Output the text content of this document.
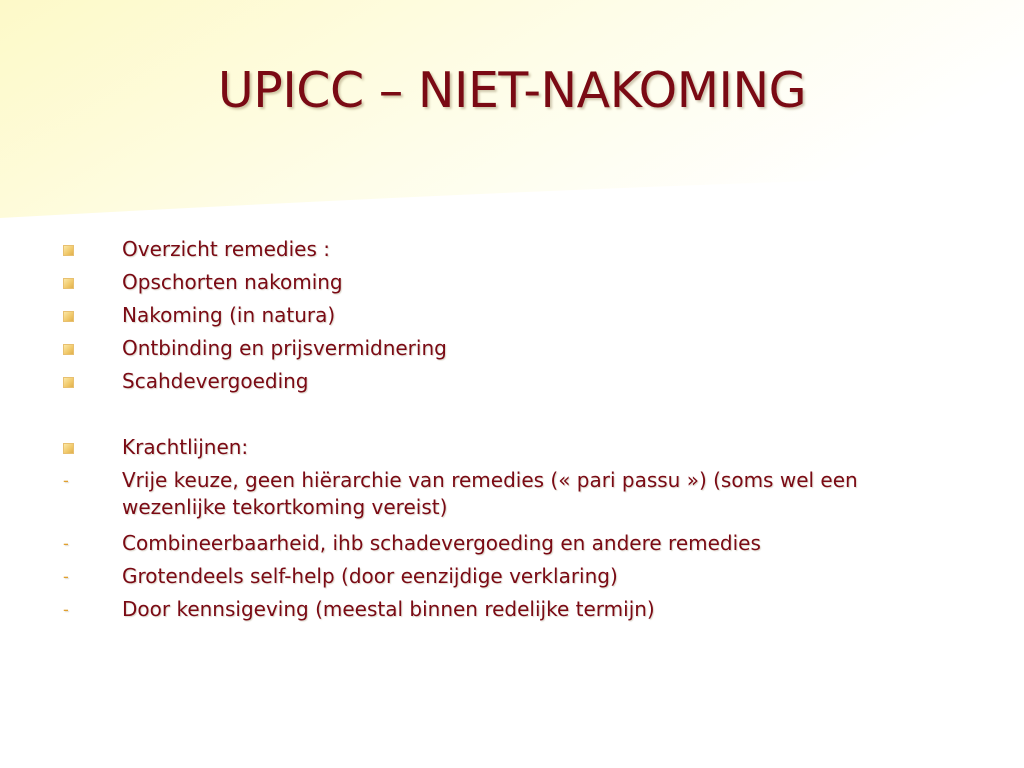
UPICC – NIET-NAKOMING
Overzicht remedies :
Opschorten nakoming
Nakoming (in natura)
Ontbinding en prijsvermidnering
Scahdevergoeding
Krachtlijnen:
-	Vrije keuze, geen hiërarchie van remedies (« pari passu ») (soms wel een wezenlijke tekortkoming vereist)
-	Combineerbaarheid, ihb schadevergoeding en andere remedies
-	Grotendeels self-help (door eenzijdige verklaring)
-	Door kennsigeving (meestal binnen redelijke termijn)
